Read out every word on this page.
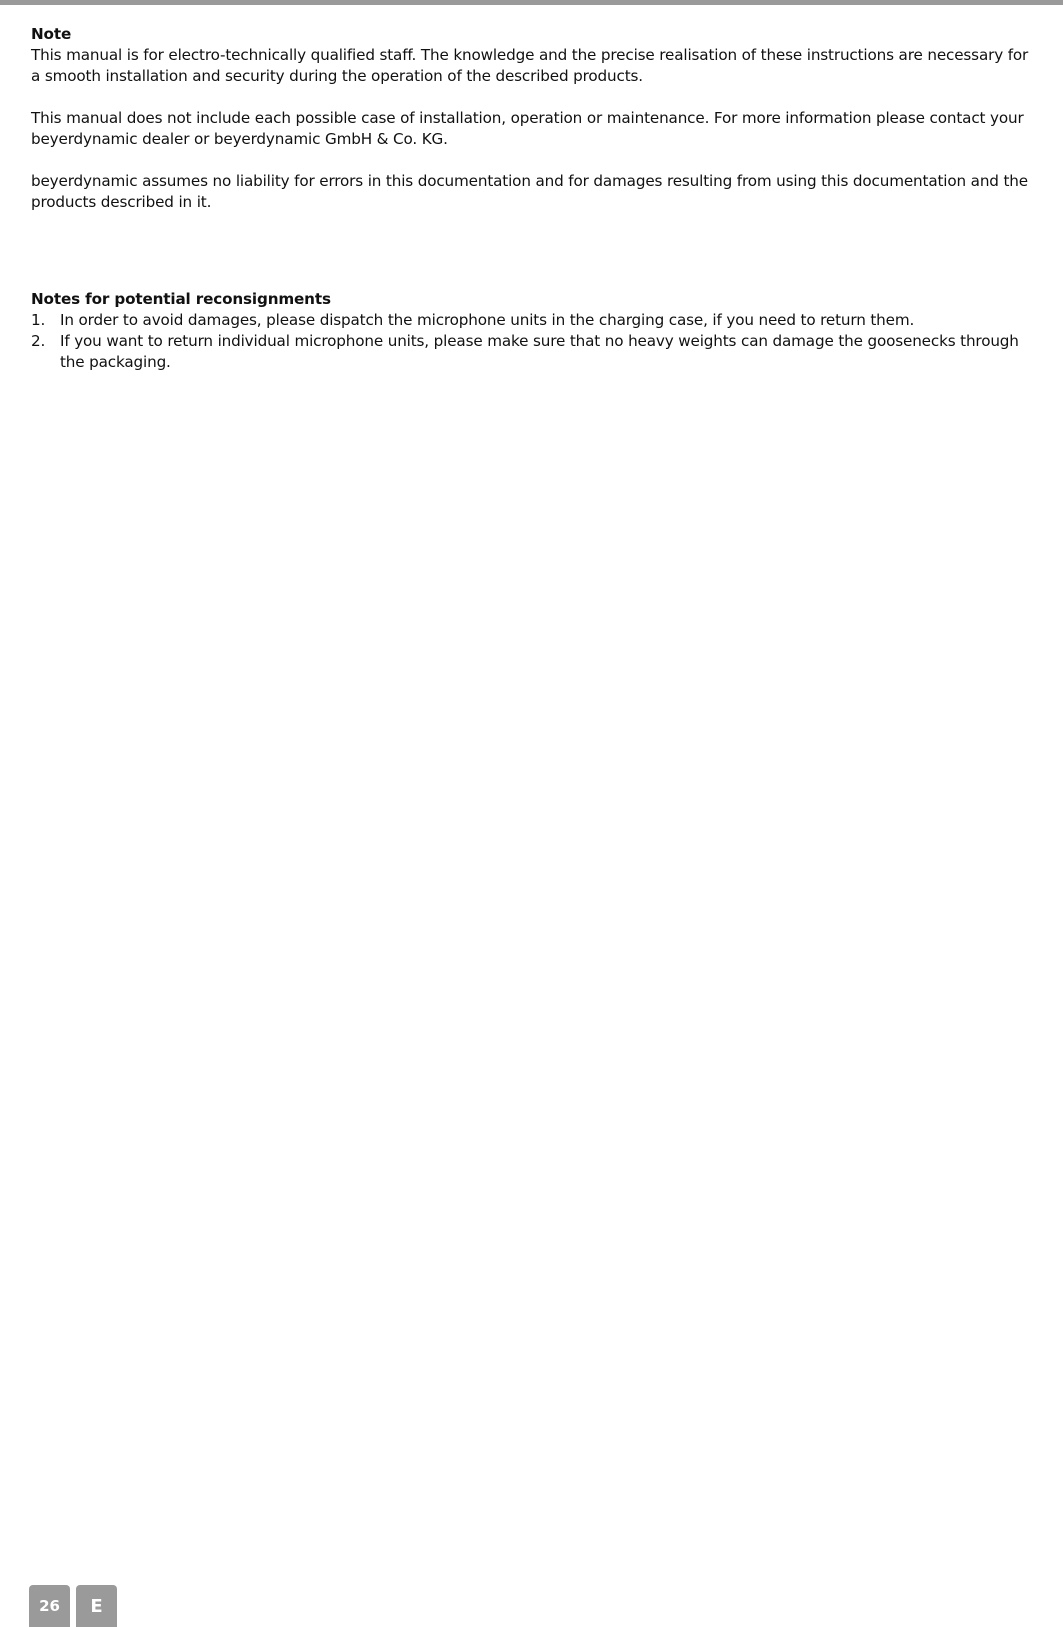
Note

This manual is for electro-technically qualified staff. The knowledge and the precise realisation of these instructions are necessary for a smooth installation and security during the operation of the described products.

This manual does not include each possible case of installation, operation or maintenance. For more information please contact your beyerdynamic dealer or beyerdynamic GmbH & Co. KG.

beyerdynamic assumes no liability for errors in this documentation and for damages resulting from using this documentation and the products described in it.

Notes for potential reconsignments

1. In order to avoid damages, please dispatch the microphone units in the charging case, if you need to return them.
2. If you want to return individual microphone units, please make sure that no heavy weights can damage the goosenecks through the packaging.
26	E
